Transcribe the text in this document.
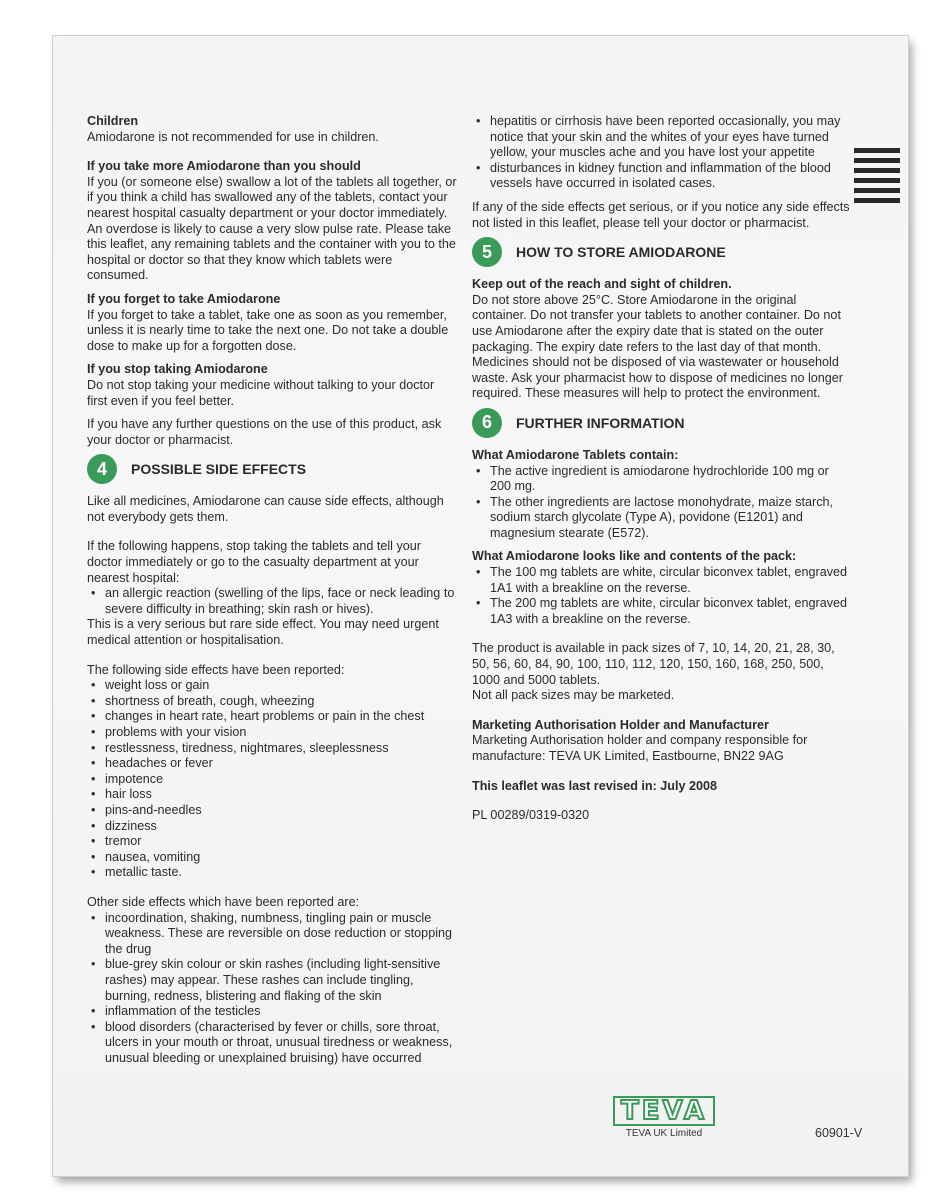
Children

Amiodarone is not recommended for use in children.

If you take more Amiodarone than you should

If you (or someone else) swallow a lot of the tablets all together, or if you think a child has swallowed any of the tablets, contact your nearest hospital casualty department or your doctor immediately. An overdose is likely to cause a very slow pulse rate. Please take this leaflet, any remaining tablets and the container with you to the hospital or doctor so that they know which tablets were consumed.

If you forget to take Amiodarone

If you forget to take a tablet, take one as soon as you remember, unless it is nearly time to take the next one. Do not take a double dose to make up for a forgotten dose.

If you stop taking Amiodarone

Do not stop taking your medicine without talking to your doctor first even if you feel better.

If you have any further questions on the use of this product, ask your doctor or pharmacist.

4	POSSIBLE SIDE EFFECTS

Like all medicines, Amiodarone can cause side effects, although not everybody gets them.

If the following happens, stop taking the tablets and tell your doctor immediately or go to the casualty department at your nearest hospital:

• an allergic reaction (swelling of the lips, face or neck leading to severe difficulty in breathing; skin rash or hives).

This is a very serious but rare side effect. You may need urgent medical attention or hospitalisation.

The following side effects have been reported:

• weight loss or gain
• shortness of breath, cough, wheezing
• changes in heart rate, heart problems or pain in the chest
• problems with your vision
• restlessness, tiredness, nightmares, sleeplessness
• headaches or fever
• impotence
• hair loss
• pins-and-needles
• dizziness
• tremor
• nausea, vomiting
• metallic taste.

Other side effects which have been reported are:

• incoordination, shaking, numbness, tingling pain or muscle weakness. These are reversible on dose reduction or stopping the drug
• blue-grey skin colour or skin rashes (including light-sensitive rashes) may appear. These rashes can include tingling, burning, redness, blistering and flaking of the skin
• inflammation of the testicles
• blood disorders (characterised by fever or chills, sore throat, ulcers in your mouth or throat, unusual tiredness or weakness, unusual bleeding or unexplained bruising) have occurred
• hepatitis or cirrhosis have been reported occasionally, you may notice that your skin and the whites of your eyes have turned yellow, your muscles ache and you have lost your appetite
• disturbances in kidney function and inflammation of the blood vessels have occurred in isolated cases.

If any of the side effects get serious, or if you notice any side effects not listed in this leaflet, please tell your doctor or pharmacist.

5	HOW TO STORE AMIODARONE

Keep out of the reach and sight of children.

Do not store above 25°C. Store Amiodarone in the original container. Do not transfer your tablets to another container. Do not use Amiodarone after the expiry date that is stated on the outer packaging. The expiry date refers to the last day of that month.

Medicines should not be disposed of via wastewater or household waste. Ask your pharmacist how to dispose of medicines no longer required. These measures will help to protect the environment.

6	FURTHER INFORMATION

What Amiodarone Tablets contain:

• The active ingredient is amiodarone hydrochloride 100 mg or 200 mg.
• The other ingredients are lactose monohydrate, maize starch, sodium starch glycolate (Type A), povidone (E1201) and magnesium stearate (E572).

What Amiodarone looks like and contents of the pack:

• The 100 mg tablets are white, circular biconvex tablet, engraved 1A1 with a breakline on the reverse.
• The 200 mg tablets are white, circular biconvex tablet, engraved 1A3 with a breakline on the reverse.

The product is available in pack sizes of 7, 10, 14, 20, 21, 28, 30, 50, 56, 60, 84, 90, 100, 110, 112, 120, 150, 160, 168, 250, 500, 1000 and 5000 tablets.

Not all pack sizes may be marketed.

Marketing Authorisation Holder and Manufacturer

Marketing Authorisation holder and company responsible for manufacture: TEVA UK Limited, Eastbourne, BN22 9AG

This leaflet was last revised in: July 2008

PL 00289/0319-0320

TEVA
TEVA UK Limited	60901-V
